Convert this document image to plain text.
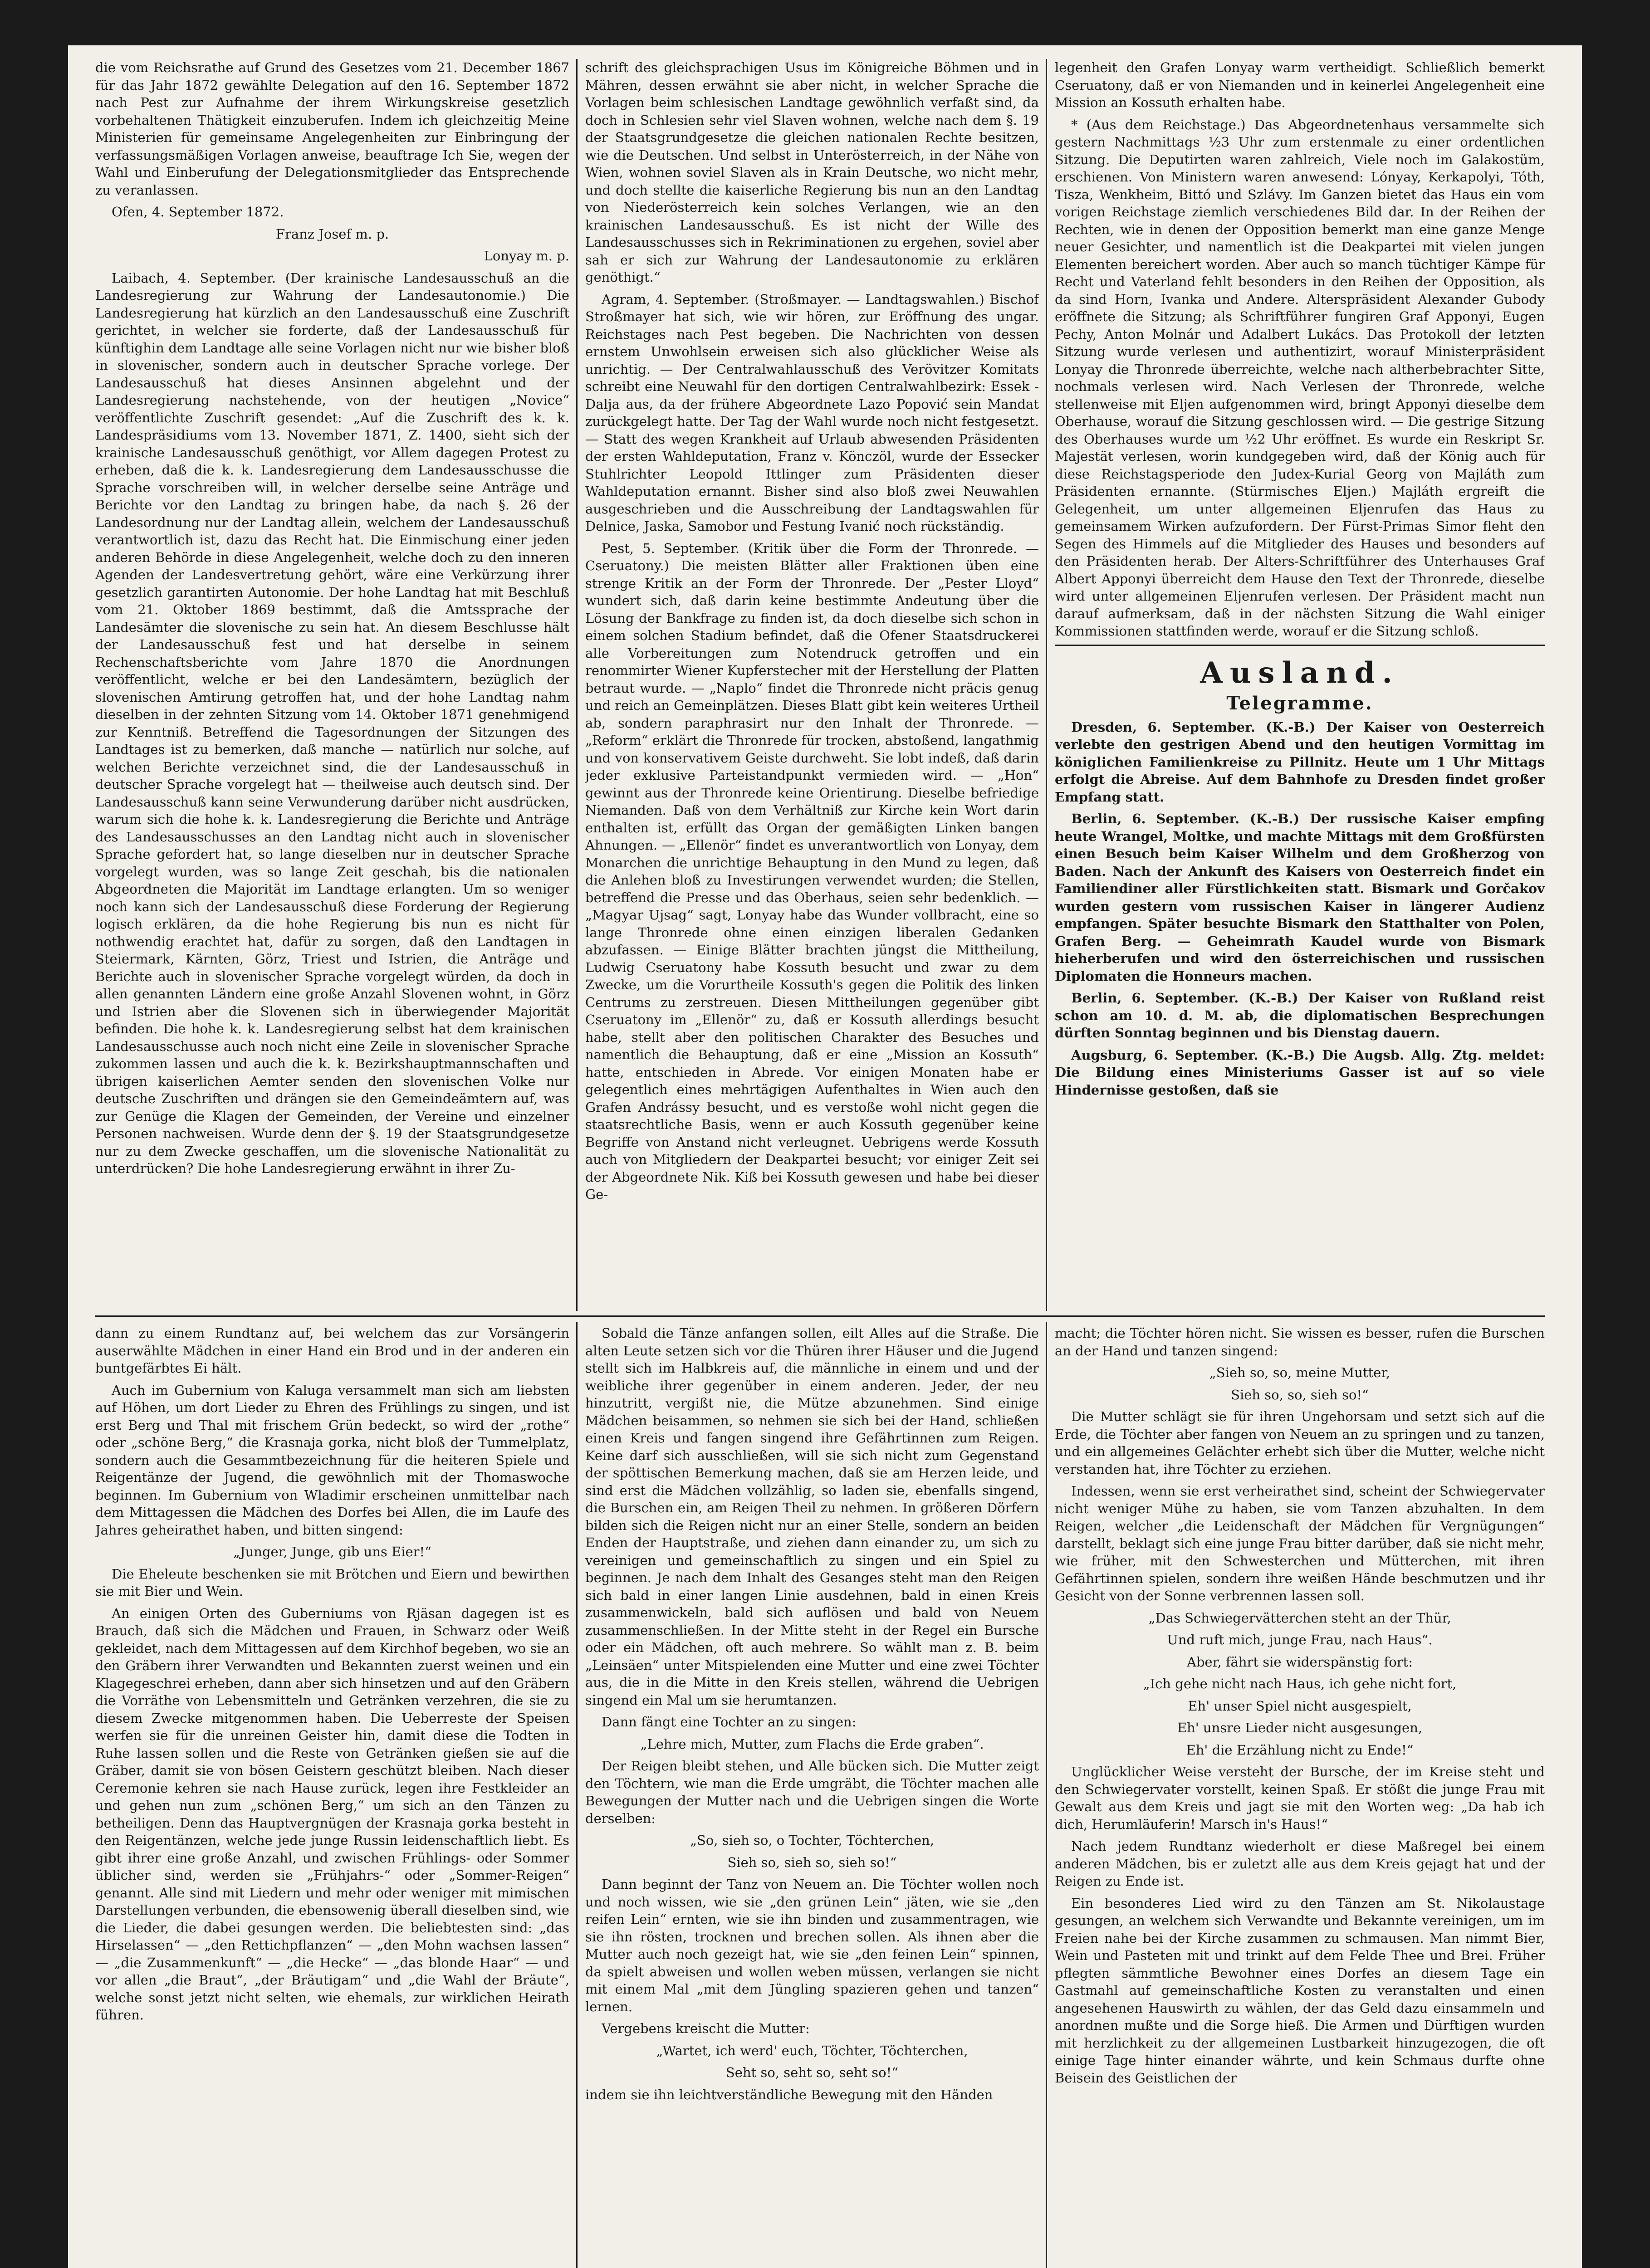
die vom Reichsrathe auf Grund des Gesetzes vom 21. December 1867 für das Jahr 1872 gewählte Delegation auf den 16. September 1872 nach Pest zur Aufnahme der ihrem Wirkungskreise gesetzlich vorbehaltenen Thätigkeit einzuberufen. Indem ich gleichzeitig Meine Ministerien für gemeinsame Angelegenheiten zur Einbringung der verfassungsmäßigen Vorlagen anweise, beauftrage Ich Sie, wegen der Wahl und Einberufung der Delegationsmitglieder das Entsprechende zu veranlassen.

Ofen, 4. September 1872.

Franz Josef m. p.

Lonyay m. p.

Laibach, 4. September. (Der krainische Landesausschuß an die Landesregierung zur Wahrung der Landesautonomie.) Die Landesregierung hat kürzlich an den Landesausschuß eine Zuschrift gerichtet, in welcher sie forderte, daß der Landesausschuß für künftighin dem Landtage alle seine Vorlagen nicht nur wie bisher bloß in slovenischer, sondern auch in deutscher Sprache vorlege. Der Landesausschuß hat dieses Ansinnen abgelehnt und der Landesregierung nachstehende, von der heutigen „Novice“ veröffentlichte Zuschrift gesendet: „Auf die Zuschrift des k. k. Landespräsidiums vom 13. November 1871, Z. 1400, sieht sich der krainische Landesausschuß genöthigt, vor Allem dagegen Protest zu erheben, daß die k. k. Landesregierung dem Landesausschusse die Sprache vorschreiben will, in welcher derselbe seine Anträge und Berichte vor den Landtag zu bringen habe, da nach §. 26 der Landesordnung nur der Landtag allein, welchem der Landesausschuß verantwortlich ist, dazu das Recht hat. Die Einmischung einer jeden anderen Behörde in diese Angelegenheit, welche doch zu den inneren Agenden der Landesvertretung gehört, wäre eine Verkürzung ihrer gesetzlich garantirten Autonomie. Der hohe Landtag hat mit Beschluß vom 21. Oktober 1869 bestimmt, daß die Amtssprache der Landesämter die slovenische zu sein hat. An diesem Beschlusse hält der Landesausschuß fest und hat derselbe in seinem Rechenschaftsberichte vom Jahre 1870 die Anordnungen veröffentlicht, welche er bei den Landesämtern, bezüglich der slovenischen Amtirung getroffen hat, und der hohe Landtag nahm dieselben in der zehnten Sitzung vom 14. Oktober 1871 genehmigend zur Kenntniß. Betreffend die Tagesordnungen der Sitzungen des Landtages ist zu bemerken, daß manche — natürlich nur solche, auf welchen Berichte verzeichnet sind, die der Landesausschuß in deutscher Sprache vorgelegt hat — theilweise auch deutsch sind. Der Landesausschuß kann seine Verwunderung darüber nicht ausdrücken, warum sich die hohe k. k. Landesregierung die Berichte und Anträge des Landesausschusses an den Landtag nicht auch in slovenischer Sprache gefordert hat, so lange dieselben nur in deutscher Sprache vorgelegt wurden, was so lange Zeit geschah, bis die nationalen Abgeordneten die Majorität im Landtage erlangten. Um so weniger noch kann sich der Landesausschuß diese Forderung der Regierung logisch erklären, da die hohe Regierung bis nun es nicht für nothwendig erachtet hat, dafür zu sorgen, daß den Landtagen in Steiermark, Kärnten, Görz, Triest und Istrien, die Anträge und Berichte auch in slovenischer Sprache vorgelegt würden, da doch in allen genannten Ländern eine große Anzahl Slovenen wohnt, in Görz und Istrien aber die Slovenen sich in überwiegender Majorität befinden. Die hohe k. k. Landesregierung selbst hat dem krainischen Landesausschusse auch noch nicht eine Zeile in slovenischer Sprache zukommen lassen und auch die k. k. Bezirkshauptmannschaften und übrigen kaiserlichen Aemter senden den slovenischen Volke nur deutsche Zuschriften und drängen sie den Gemeindeämtern auf, was zur Genüge die Klagen der Gemeinden, der Vereine und einzelner Personen nachweisen. Wurde denn der §. 19 der Staatsgrundgesetze nur zu dem Zwecke geschaffen, um die slovenische Nationalität zu unterdrücken? Die hohe Landesregierung erwähnt in ihrer Zu-

schrift des gleichsprachigen Usus im Königreiche Böhmen und in Mähren, dessen erwähnt sie aber nicht, in welcher Sprache die Vorlagen beim schlesischen Landtage gewöhnlich verfaßt sind, da doch in Schlesien sehr viel Slaven wohnen, welche nach dem §. 19 der Staatsgrundgesetze die gleichen nationalen Rechte besitzen, wie die Deutschen. Und selbst in Unterösterreich, in der Nähe von Wien, wohnen soviel Slaven als in Krain Deutsche, wo nicht mehr, und doch stellte die kaiserliche Regierung bis nun an den Landtag von Niederösterreich kein solches Verlangen, wie an den krainischen Landesausschuß. Es ist nicht der Wille des Landesausschusses sich in Rekriminationen zu ergehen, soviel aber sah er sich zur Wahrung der Landesautonomie zu erklären genöthigt.“

Agram, 4. September. (Stroßmayer. — Landtagswahlen.) Bischof Stroßmayer hat sich, wie wir hören, zur Eröffnung des ungar. Reichstages nach Pest begeben. Die Nachrichten von dessen ernstem Unwohlsein erweisen sich also glücklicher Weise als unrichtig. — Der Centralwahlausschuß des Verövitzer Komitats schreibt eine Neuwahl für den dortigen Centralwahlbezirk: Essek - Dalja aus, da der frühere Abgeordnete Lazo Popović sein Mandat zurückgelegt hatte. Der Tag der Wahl wurde noch nicht festgesetzt. — Statt des wegen Krankheit auf Urlaub abwesenden Präsidenten der ersten Wahldeputation, Franz v. Könczöl, wurde der Essecker Stuhlrichter Leopold Ittlinger zum Präsidenten dieser Wahldeputation ernannt. Bisher sind also bloß zwei Neuwahlen ausgeschrieben und die Ausschreibung der Landtagswahlen für Delnice, Jaska, Samobor und Festung Ivanić noch rückständig.

Pest, 5. September. (Kritik über die Form der Thronrede. — Cseruatony.) Die meisten Blätter aller Fraktionen üben eine strenge Kritik an der Form der Thronrede. Der „Pester Lloyd“ wundert sich, daß darin keine bestimmte Andeutung über die Lösung der Bankfrage zu finden ist, da doch dieselbe sich schon in einem solchen Stadium befindet, daß die Ofener Staatsdruckerei alle Vorbereitungen zum Notendruck getroffen und ein renommirter Wiener Kupferstecher mit der Herstellung der Platten betraut wurde. — „Naplo“ findet die Thronrede nicht präcis genug und reich an Gemeinplätzen. Dieses Blatt gibt kein weiteres Urtheil ab, sondern paraphrasirt nur den Inhalt der Thronrede. — „Reform“ erklärt die Thronrede für trocken, abstoßend, langathmig und von konservativem Geiste durchweht. Sie lobt indeß, daß darin jeder exklusive Parteistandpunkt vermieden wird. — „Hon“ gewinnt aus der Thronrede keine Orientirung. Dieselbe befriedige Niemanden. Daß von dem Verhältniß zur Kirche kein Wort darin enthalten ist, erfüllt das Organ der gemäßigten Linken bangen Ahnungen. — „Ellenör“ findet es unverantwortlich von Lonyay, dem Monarchen die unrichtige Behauptung in den Mund zu legen, daß die Anlehen bloß zu Investirungen verwendet wurden; die Stellen, betreffend die Presse und das Oberhaus, seien sehr bedenklich. — „Magyar Ujsag“ sagt, Lonyay habe das Wunder vollbracht, eine so lange Thronrede ohne einen einzigen liberalen Gedanken abzufassen. — Einige Blätter brachten jüngst die Mittheilung, Ludwig Cseruatony habe Kossuth besucht und zwar zu dem Zwecke, um die Vorurtheile Kossuth's gegen die Politik des linken Centrums zu zerstreuen. Diesen Mittheilungen gegenüber gibt Cseruatony im „Ellenör“ zu, daß er Kossuth allerdings besucht habe, stellt aber den politischen Charakter des Besuches und namentlich die Behauptung, daß er eine „Mission an Kossuth“ hatte, entschieden in Abrede. Vor einigen Monaten habe er gelegentlich eines mehrtägigen Aufenthaltes in Wien auch den Grafen Andrássy besucht, und es verstoße wohl nicht gegen die staatsrechtliche Basis, wenn er auch Kossuth gegenüber keine Begriffe von Anstand nicht verleugnet. Uebrigens werde Kossuth auch von Mitgliedern der Deakpartei besucht; vor einiger Zeit sei der Abgeordnete Nik. Kiß bei Kossuth gewesen und habe bei dieser Ge-

legenheit den Grafen Lonyay warm vertheidigt. Schließlich bemerkt Cseruatony, daß er von Niemanden und in keinerlei Angelegenheit eine Mission an Kossuth erhalten habe.

* (Aus dem Reichstage.) Das Abgeordnetenhaus versammelte sich gestern Nachmittags ½3 Uhr zum erstenmale zu einer ordentlichen Sitzung. Die Deputirten waren zahlreich, Viele noch im Galakostüm, erschienen. Von Ministern waren anwesend: Lónyay, Kerkapolyi, Tóth, Tisza, Wenkheim, Bittó und Szlávy. Im Ganzen bietet das Haus ein vom vorigen Reichstage ziemlich verschiedenes Bild dar. In der Reihen der Rechten, wie in denen der Opposition bemerkt man eine ganze Menge neuer Gesichter, und namentlich ist die Deakpartei mit vielen jungen Elementen bereichert worden. Aber auch so manch tüchtiger Kämpe für Recht und Vaterland fehlt besonders in den Reihen der Opposition, als da sind Horn, Ivanka und Andere. Alterspräsident Alexander Gubody eröffnete die Sitzung; als Schriftführer fungiren Graf Apponyi, Eugen Pechy, Anton Molnár und Adalbert Lukács. Das Protokoll der letzten Sitzung wurde verlesen und authentizirt, worauf Ministerpräsident Lonyay die Thronrede überreichte, welche nach altherbebrachter Sitte, nochmals verlesen wird. Nach Verlesen der Thronrede, welche stellenweise mit Eljen aufgenommen wird, bringt Apponyi dieselbe dem Oberhause, worauf die Sitzung geschlossen wird. — Die gestrige Sitzung des Oberhauses wurde um ½2 Uhr eröffnet. Es wurde ein Reskript Sr. Majestät verlesen, worin kundgegeben wird, daß der König auch für diese Reichstagsperiode den Judex-Kurial Georg von Majláth zum Präsidenten ernannte. (Stürmisches Eljen.) Majláth ergreift die Gelegenheit, um unter allgemeinen Eljenrufen das Haus zu gemeinsamem Wirken aufzufordern. Der Fürst-Primas Simor fleht den Segen des Himmels auf die Mitglieder des Hauses und besonders auf den Präsidenten herab. Der Alters-Schriftführer des Unterhauses Graf Albert Apponyi überreicht dem Hause den Text der Thronrede, dieselbe wird unter allgemeinen Eljenrufen verlesen. Der Präsident macht nun darauf aufmerksam, daß in der nächsten Sitzung die Wahl einiger Kommissionen stattfinden werde, worauf er die Sitzung schloß.

Ausland.
Telegramme.

Dresden, 6. September. (K.-B.) Der Kaiser von Oesterreich verlebte den gestrigen Abend und den heutigen Vormittag im königlichen Familienkreise zu Pillnitz. Heute um 1 Uhr Mittags erfolgt die Abreise. Auf dem Bahnhofe zu Dresden findet großer Empfang statt.

Berlin, 6. September. (K.-B.) Der russische Kaiser empfing heute Wrangel, Moltke, und machte Mittags mit dem Großfürsten einen Besuch beim Kaiser Wilhelm und dem Großherzog von Baden. Nach der Ankunft des Kaisers von Oesterreich findet ein Familiendiner aller Fürstlichkeiten statt. Bismark und Gorčakov wurden gestern vom russischen Kaiser in längerer Audienz empfangen. Später besuchte Bismark den Statthalter von Polen, Grafen Berg. — Geheimrath Kaudel wurde von Bismark hieherberufen und wird den österreichischen und russischen Diplomaten die Honneurs machen.

Berlin, 6. September. (K.-B.) Der Kaiser von Rußland reist schon am 10. d. M. ab, die diplomatischen Besprechungen dürften Sonntag beginnen und bis Dienstag dauern.

Augsburg, 6. September. (K.-B.) Die Augsb. Allg. Ztg. meldet: Die Bildung eines Ministeriums Gasser ist auf so viele Hindernisse gestoßen, daß sie

dann zu einem Rundtanz auf, bei welchem das zur Vorsängerin auserwählte Mädchen in einer Hand ein Brod und in der anderen ein buntgefärbtes Ei hält.

Auch im Gubernium von Kaluga versammelt man sich am liebsten auf Höhen, um dort Lieder zu Ehren des Frühlings zu singen, und ist erst Berg und Thal mit frischem Grün bedeckt, so wird der „rothe“ oder „schöne Berg,“ die Krasnaja gorka, nicht bloß der Tummelplatz, sondern auch die Gesammtbezeichnung für die heiteren Spiele und Reigentänze der Jugend, die gewöhnlich mit der Thomaswoche beginnen. Im Gubernium von Wladimir erscheinen unmittelbar nach dem Mittagessen die Mädchen des Dorfes bei Allen, die im Laufe des Jahres geheirathet haben, und bitten singend:

„Junger, Junge, gib uns Eier!“

Die Eheleute beschenken sie mit Brötchen und Eiern und bewirthen sie mit Bier und Wein.

An einigen Orten des Guberniums von Rjäsan dagegen ist es Brauch, daß sich die Mädchen und Frauen, in Schwarz oder Weiß gekleidet, nach dem Mittagessen auf dem Kirchhof begeben, wo sie an den Gräbern ihrer Verwandten und Bekannten zuerst weinen und ein Klagegeschrei erheben, dann aber sich hinsetzen und auf den Gräbern die Vorräthe von Lebensmitteln und Getränken verzehren, die sie zu diesem Zwecke mitgenommen haben. Die Ueberreste der Speisen werfen sie für die unreinen Geister hin, damit diese die Todten in Ruhe lassen sollen und die Reste von Getränken gießen sie auf die Gräber, damit sie von bösen Geistern geschützt bleiben. Nach dieser Ceremonie kehren sie nach Hause zurück, legen ihre Festkleider an und gehen nun zum „schönen Berg,“ um sich an den Tänzen zu betheiligen. Denn das Hauptvergnügen der Krasnaja gorka besteht in den Reigentänzen, welche jede junge Russin leidenschaftlich liebt. Es gibt ihrer eine große Anzahl, und zwischen Frühlings- oder Sommer üblicher sind, werden sie „Frühjahrs-“ oder „Sommer-Reigen“ genannt. Alle sind mit Liedern und mehr oder weniger mit mimischen Darstellungen verbunden, die ebensowenig überall dieselben sind, wie die Lieder, die dabei gesungen werden. Die beliebtesten sind: „das Hirselassen“ — „den Rettichpflanzen“ — „den Mohn wachsen lassen“ — „die Zusammenkunft“ — „die Hecke“ — „das blonde Haar“ — und vor allen „die Braut“, „der Bräutigam“ und „die Wahl der Bräute“, welche sonst jetzt nicht selten, wie ehemals, zur wirklichen Heirath führen.

Sobald die Tänze anfangen sollen, eilt Alles auf die Straße. Die alten Leute setzen sich vor die Thüren ihrer Häuser und die Jugend stellt sich im Halbkreis auf, die männliche in einem und und der weibliche ihrer gegenüber in einem anderen. Jeder, der neu hinzutritt, vergißt nie, die Mütze abzunehmen. Sind einige Mädchen beisammen, so nehmen sie sich bei der Hand, schließen einen Kreis und fangen singend ihre Gefährtinnen zum Reigen. Keine darf sich ausschließen, will sie sich nicht zum Gegenstand der spöttischen Bemerkung machen, daß sie am Herzen leide, und sind erst die Mädchen vollzählig, so laden sie, ebenfalls singend, die Burschen ein, am Reigen Theil zu nehmen. In größeren Dörfern bilden sich die Reigen nicht nur an einer Stelle, sondern an beiden Enden der Hauptstraße, und ziehen dann einander zu, um sich zu vereinigen und gemeinschaftlich zu singen und ein Spiel zu beginnen. Je nach dem Inhalt des Gesanges steht man den Reigen sich bald in einer langen Linie ausdehnen, bald in einen Kreis zusammenwickeln, bald sich auflösen und bald von Neuem zusammenschließen. In der Mitte steht in der Regel ein Bursche oder ein Mädchen, oft auch mehrere. So wählt man z. B. beim „Leinsäen“ unter Mitspielenden eine Mutter und eine zwei Töchter aus, die in die Mitte in den Kreis stellen, während die Uebrigen singend ein Mal um sie herumtanzen.

Dann fängt eine Tochter an zu singen:

„Lehre mich, Mutter, zum Flachs die Erde graben“.

Der Reigen bleibt stehen, und Alle bücken sich. Die Mutter zeigt den Töchtern, wie man die Erde umgräbt, die Töchter machen alle Bewegungen der Mutter nach und die Uebrigen singen die Worte derselben:

„So, sieh so, o Tochter, Töchterchen,

Sieh so, sieh so, sieh so!“

Dann beginnt der Tanz von Neuem an. Die Töchter wollen noch und noch wissen, wie sie „den grünen Lein“ jäten, wie sie „den reifen Lein“ ernten, wie sie ihn binden und zusammentragen, wie sie ihn rösten, trocknen und brechen sollen. Als ihnen aber die Mutter auch noch gezeigt hat, wie sie „den feinen Lein“ spinnen, da spielt abweisen und wollen weben müssen, verlangen sie nicht mit einem Mal „mit dem Jüngling spazieren gehen und tanzen“ lernen.

Vergebens kreischt die Mutter:

„Wartet, ich werd' euch, Töchter, Töchterchen,

Seht so, seht so, seht so!“

indem sie ihn leichtverständliche Bewegung mit den Händen

macht; die Töchter hören nicht. Sie wissen es besser, rufen die Burschen an der Hand und tanzen singend:

„Sieh so, so, meine Mutter,

Sieh so, so, sieh so!“

Die Mutter schlägt sie für ihren Ungehorsam und setzt sich auf die Erde, die Töchter aber fangen von Neuem an zu springen und zu tanzen, und ein allgemeines Gelächter erhebt sich über die Mutter, welche nicht verstanden hat, ihre Töchter zu erziehen.

Indessen, wenn sie erst verheirathet sind, scheint der Schwiegervater nicht weniger Mühe zu haben, sie vom Tanzen abzuhalten. In dem Reigen, welcher „die Leidenschaft der Mädchen für Vergnügungen“ darstellt, beklagt sich eine junge Frau bitter darüber, daß sie nicht mehr, wie früher, mit den Schwesterchen und Mütterchen, mit ihren Gefährtinnen spielen, sondern ihre weißen Hände beschmutzen und ihr Gesicht von der Sonne verbrennen lassen soll.

„Das Schwiegervätterchen steht an der Thür,

Und ruft mich, junge Frau, nach Haus“.

Aber, fährt sie widerspänstig fort:

„Ich gehe nicht nach Haus, ich gehe nicht fort,

Eh' unser Spiel nicht ausgespielt,

Eh' unsre Lieder nicht ausgesungen,

Eh' die Erzählung nicht zu Ende!“

Unglücklicher Weise versteht der Bursche, der im Kreise steht und den Schwiegervater vorstellt, keinen Spaß. Er stößt die junge Frau mit Gewalt aus dem Kreis und jagt sie mit den Worten weg: „Da hab ich dich, Herumläuferin! Marsch in's Haus!“

Nach jedem Rundtanz wiederholt er diese Maßregel bei einem anderen Mädchen, bis er zuletzt alle aus dem Kreis gejagt hat und der Reigen zu Ende ist.

Ein besonderes Lied wird zu den Tänzen am St. Nikolaustage gesungen, an welchem sich Verwandte und Bekannte vereinigen, um im Freien nahe bei der Kirche zusammen zu schmausen. Man nimmt Bier, Wein und Pasteten mit und trinkt auf dem Felde Thee und Brei. Früher pflegten sämmtliche Bewohner eines Dorfes an diesem Tage ein Gastmahl auf gemeinschaftliche Kosten zu veranstalten und einen angesehenen Hauswirth zu wählen, der das Geld dazu einsammeln und anordnen mußte und die Sorge hieß. Die Armen und Dürftigen wurden mit herzlichkeit zu der allgemeinen Lustbarkeit hinzugezogen, die oft einige Tage hinter einander währte, und kein Schmaus durfte ohne Beisein des Geistlichen der
